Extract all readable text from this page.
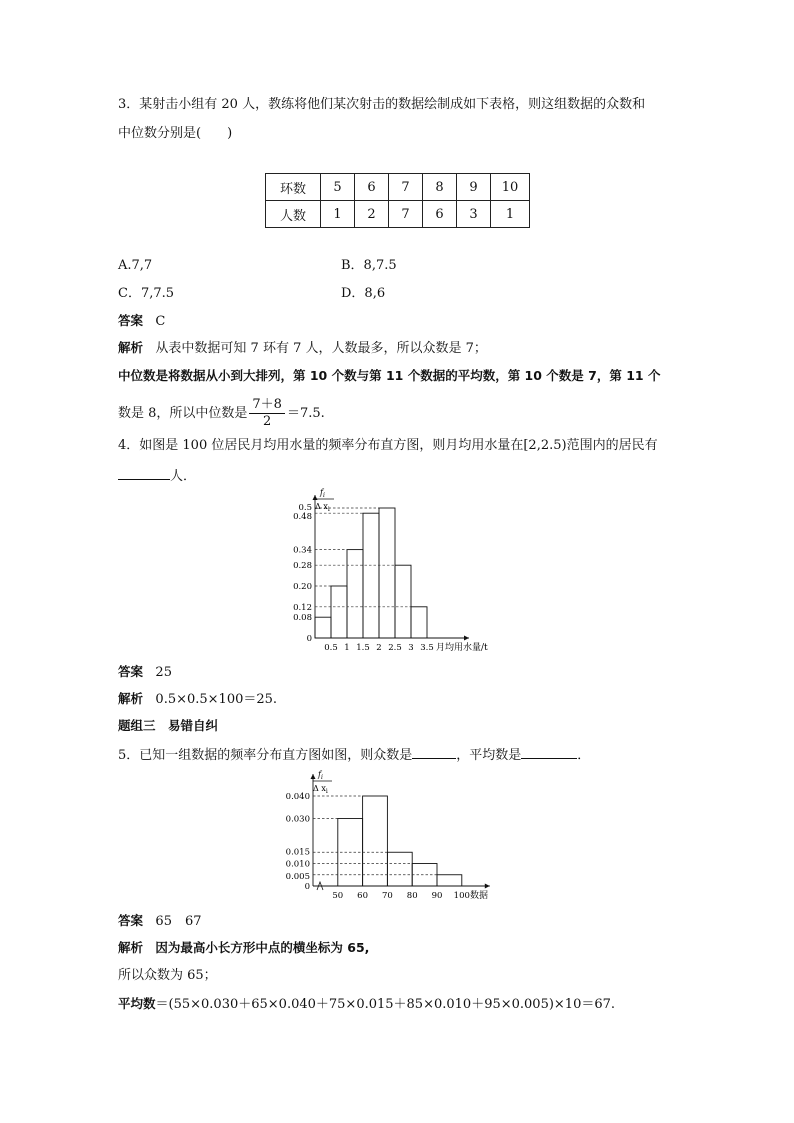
3．某射击小组有 20 人，教练将他们某次射击的数据绘制成如下表格，则这组数据的众数和
中位数分别是(　　)
环数	5	6	7	8	9	10
人数	1	2	7	6	3	1
A.7,7	B．8,7.5
C．7,7.5	D．8,6
答案 C
解析 从表中数据可知 7 环有 7 人，人数最多，所以众数是 7；
中位数是将数据从小到大排列，第 10 个数与第 11 个数据的平均数，第 10 个数是 7，第 11 个
数是 8，所以中位数是 $\frac{7+8}{2} =7.5$.
4．如图是 100 位居民月均用水量的频率分布直方图，则月均用水量在[2,2.5)范围内的居民有
人．
0
0.08
0.12
0.20
0.28
0.34
0.48
0.5
0.5 1 1.5 2 2.5 3 3.5
$f_i$
Δ $x_i$
月均用水量/t
答案 25
解析 0.5×0.5×100＝25.
题组三　易错自纠
5．已知一组数据的频率分布直方图如图，则众数是	，平均数是	．
0
0.005
0.010
0.015
0.030
0.040
50 60 70 80 90 100
$f_i$
Δ $x_i$
数据
答案 65　67
解析 因为最高小长方形中点的横坐标为 65,
所以众数为 65；
平均数＝(55×0.030＋65×0.040＋75×0.015＋85×0.010＋95×0.005)×10＝67.
